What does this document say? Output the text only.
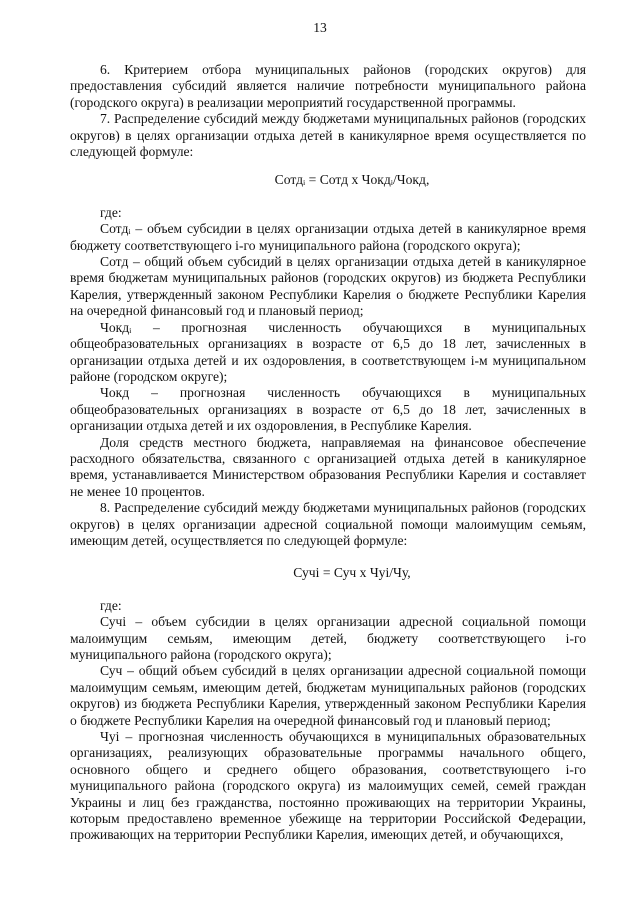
13

6. Критерием отбора муниципальных районов (городских округов) для предоставления субсидий является наличие потребности муниципального района (городского округа) в реализации мероприятий государственной программы.

7. Распределение субсидий между бюджетами муниципальных районов (городских округов) в целях организации отдыха детей в каникулярное время осуществляется по следующей формуле:

Сотдᵢ = Сотд х Чокдᵢ/Чокд,

где:

Сотдᵢ – объем субсидии в целях организации отдыха детей в каникулярное время бюджету соответствующего i-го муниципального района (городского округа);

Сотд – общий объем субсидий в целях организации отдыха детей в каникулярное время бюджетам муниципальных районов (городских округов) из бюджета Республики Карелия, утвержденный законом Республики Карелия о бюджете Республики Карелия на очередной финансовый год и плановый период;

Чокдᵢ – прогнозная численность обучающихся в муниципальных общеобразовательных организациях в возрасте от 6,5 до 18 лет, зачисленных в организации отдыха детей и их оздоровления, в соответствующем i-м муниципальном районе (городском округе);

Чокд – прогнозная численность обучающихся в муниципальных общеобразовательных организациях в возрасте от 6,5 до 18 лет, зачисленных в организации отдыха детей и их оздоровления, в Республике Карелия.

Доля средств местного бюджета, направляемая на финансовое обеспечение расходного обязательства, связанного с организацией отдыха детей в каникулярное время, устанавливается Министерством образования Республики Карелия и составляет не менее 10 процентов.

8. Распределение субсидий между бюджетами муниципальных районов (городских округов) в целях организации адресной социальной помощи малоимущим семьям, имеющим детей, осуществляется по следующей формуле:

Сучi = Суч х Чуi/Чу,

где:

Сучi – объем субсидии в целях организации адресной социальной помощи малоимущим семьям, имеющим детей, бюджету соответствующего i-го муниципального района (городского округа);

Суч – общий объем субсидий в целях организации адресной социальной помощи малоимущим семьям, имеющим детей, бюджетам муниципальных районов (городских округов) из бюджета Республики Карелия, утвержденный законом Республики Карелия о бюджете Республики Карелия на очередной финансовый год и плановый период;

Чуi – прогнозная численность обучающихся в муниципальных образовательных организациях, реализующих образовательные программы начального общего, основного общего и среднего общего образования, соответствующего i-го муниципального района (городского округа) из малоимущих семей, семей граждан Украины и лиц без гражданства, постоянно проживающих на территории Украины, которым предоставлено временное убежище на территории Российской Федерации, проживающих на территории Республики Карелия, имеющих детей, и обучающихся,
